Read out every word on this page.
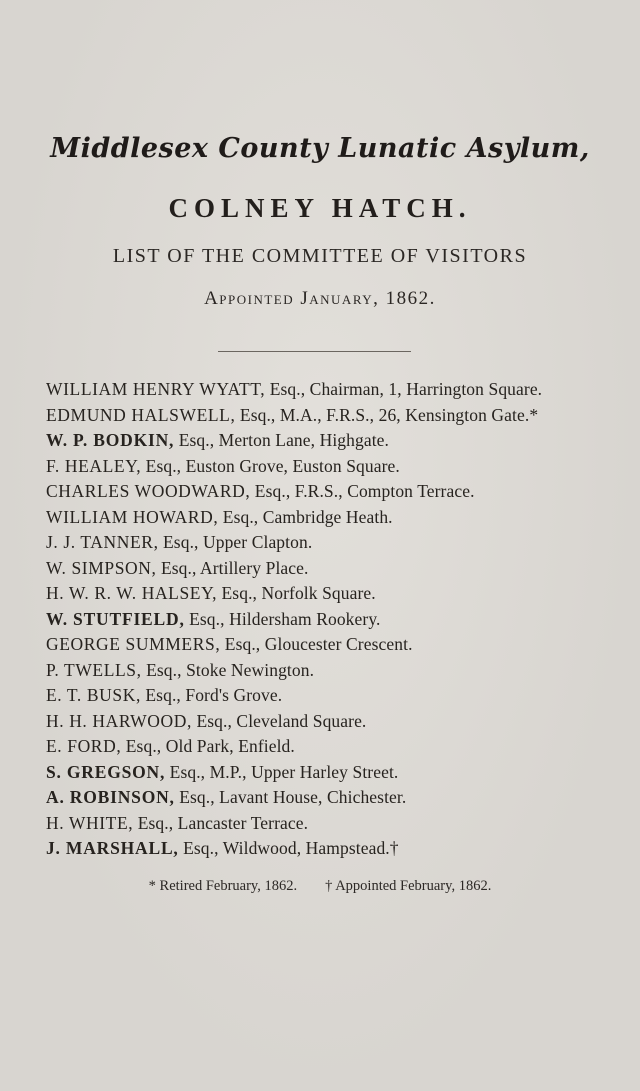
Middlesex County Lunatic Asylum,
COLNEY HATCH.
LIST OF THE COMMITTEE OF VISITORS
Appointed January, 1862.
WILLIAM HENRY WYATT, Esq., Chairman, 1, Harrington Square.
EDMUND HALSWELL, Esq., M.A., F.R.S., 26, Kensington Gate.*
W. P. BODKIN, Esq., Merton Lane, Highgate.
F. HEALEY, Esq., Euston Grove, Euston Square.
CHARLES WOODWARD, Esq., F.R.S., Compton Terrace.
WILLIAM HOWARD, Esq., Cambridge Heath.
J. J. TANNER, Esq., Upper Clapton.
W. SIMPSON, Esq., Artillery Place.
H. W. R. W. HALSEY, Esq., Norfolk Square.
W. STUTFIELD, Esq., Hildersham Rookery.
GEORGE SUMMERS, Esq., Gloucester Crescent.
P. TWELLS, Esq., Stoke Newington.
E. T. BUSK, Esq., Ford's Grove.
H. H. HARWOOD, Esq., Cleveland Square.
E. FORD, Esq., Old Park, Enfield.
S. GREGSON, Esq., M.P., Upper Harley Street.
A. ROBINSON, Esq., Lavant House, Chichester.
H. WHITE, Esq., Lancaster Terrace.
J. MARSHALL, Esq., Wildwood, Hampstead.†
* Retired February, 1862. † Appointed February, 1862.
